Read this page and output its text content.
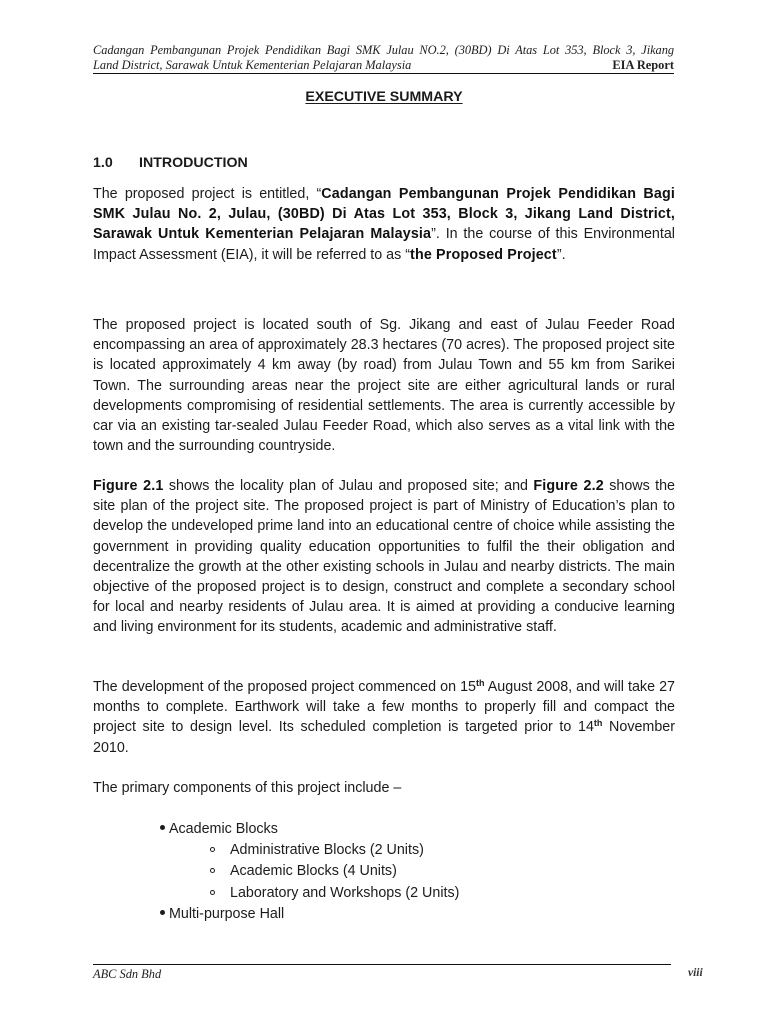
Cadangan Pembangunan Projek Pendidikan Bagi SMK Julau NO.2, (30BD) Di Atas Lot 353, Block 3, Jikang
Land District, Sarawak Untuk Kementerian Pelajaran Malaysia	EIA Report
EXECUTIVE SUMMARY
1.0	INTRODUCTION
The proposed project is entitled, “Cadangan Pembangunan Projek Pendidikan Bagi SMK Julau No. 2, Julau, (30BD) Di Atas Lot 353, Block 3, Jikang Land District, Sarawak Untuk Kementerian Pelajaran Malaysia”. In the course of this Environmental Impact Assessment (EIA), it will be referred to as “the Proposed Project”.
The proposed project is located south of Sg. Jikang and east of Julau Feeder Road encompassing an area of approximately 28.3 hectares (70 acres). The proposed project site is located approximately 4 km away (by road) from Julau Town and 55 km from Sarikei Town. The surrounding areas near the project site are either agricultural lands or rural developments compromising of residential settlements. The area is currently accessible by car via an existing tar-sealed Julau Feeder Road, which also serves as a vital link with the town and the surrounding countryside.
Figure 2.1 shows the locality plan of Julau and proposed site; and Figure 2.2 shows the site plan of the project site. The proposed project is part of Ministry of Education’s plan to develop the undeveloped prime land into an educational centre of choice while assisting the government in providing quality education opportunities to fulfil the their obligation and decentralize the growth at the other existing schools in Julau and nearby districts. The main objective of the proposed project is to design, construct and complete a secondary school for local and nearby residents of Julau area. It is aimed at providing a conducive learning and living environment for its students, academic and administrative staff.
The development of the proposed project commenced on 15th August 2008, and will take 27 months to complete. Earthwork will take a few months to properly fill and compact the project site to design level. Its scheduled completion is targeted prior to 14th November 2010.
The primary components of this project include –
Academic Blocks
Administrative Blocks (2 Units)
Academic Blocks (4 Units)
Laboratory and Workshops (2 Units)
Multi-purpose Hall
ABC Sdn Bhd	viii
